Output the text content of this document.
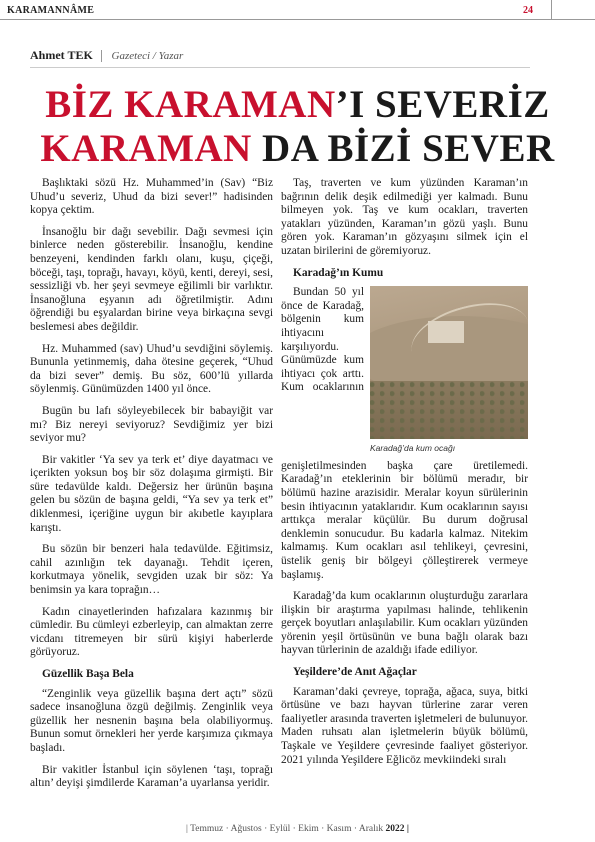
KARAMANNÂME	24
Ahmet TEK Gazeteci / Yazar
BİZ KARAMAN’I SEVERİZ
KARAMAN DA BİZİ SEVER

Başlıktaki sözü Hz. Muhammed’in (Sav) “Biz Uhud’u severiz, Uhud da bizi sever!” hadisinden kopya çektim.

İnsanoğlu bir dağı sevebilir. Dağı sevmesi için binlerce neden gösterebilir. İnsanoğlu, kendine benzeyeni, kendinden farklı olanı, kuşu, çiçeği, böceği, taşı, toprağı, havayı, köyü, kenti, dereyi, sesi, sessizliği vb. her şeyi sevmeye eğilimli bir varlıktır. İnsanoğluna eşyanın adı öğretilmiştir. Adını öğrendiği bu eşyalardan birine veya birkaçına sevgi beslemesi abes değildir.

Hz. Muhammed (sav) Uhud’u sevdiğini söylemiş. Bununla yetinmemiş, daha ötesine geçerek, “Uhud da bizi sever” demiş. Bu söz, 600’lü yıllarda söylenmiş. Günümüzden 1400 yıl önce.

Bugün bu lafı söyleyebilecek bir babayiğit var mı? Biz nereyi seviyoruz? Sevdiğimiz yer bizi seviyor mu?

Bir vakitler ‘Ya sev ya terk et’ diye dayatmacı ve içerikten yoksun boş bir söz dolaşıma girmişti. Bir süre tedavülde kaldı. Değersiz her ürünün başına gelen bu sözün de başına geldi, “Ya sev ya terk et” diklenmesi, içeriğine uygun bir akıbetle kayıplara karıştı.

Bu sözün bir benzeri hala tedavülde. Eğitimsiz, cahil azınlığın tek dayanağı. Tehdit içeren, korkutmaya yönelik, sevgiden uzak bir söz: Ya benimsin ya kara toprağın…

Kadın cinayetlerinden hafızalara kazınmış bir cümledir. Bu cümleyi ezberleyip, can almaktan zerre vicdanı titremeyen bir sürü kişiyi haberlerde görüyoruz.

Güzellik Başa Bela

“Zenginlik veya güzellik başına dert açtı” sözü sadece insanoğluna özgü değilmiş. Zenginlik veya güzellik her nesnenin başına bela olabiliyormuş. Bunun somut örnekleri her yerde karşımıza çıkmaya başladı.

Bir vakitler İstanbul için söylenen ‘taşı, toprağı altın’ deyişi şimdilerde Karaman’a uyarlansa yeridir.

Taş, traverten ve kum yüzünden Karaman’ın bağrının delik deşik edilmediği yer kalmadı. Bunu bilmeyen yok. Taş ve kum ocakları, traverten yatakları yüzünden, Karaman’ın gözü yaşlı. Bunu gören yok. Karaman’ın gözyaşını silmek için el uzatan birilerini de göremiyoruz.

Karadağ’ın Kumu
Karadağ’da kum ocağı

Bundan 50 yıl önce de Karadağ, bölgenin kum ihtiyacını karşılıyordu. Günümüzde kum ihtiyacı çok arttı. Kum ocaklarının genişletilmesinden başka çare üretilemedi. Karadağ’ın eteklerinin bir bölümü meradır, bir bölümü hazine arazisidir. Meralar koyun sürülerinin besin ihtiyacının yataklarıdır. Kum ocaklarının sayısı arttıkça meralar küçülür. Bu durum doğrusal denklemin sonucudur. Bu kadarla kalmaz. Nitekim kalmamış. Kum ocakları asıl tehlikeyi, çevresini, üstelik geniş bir bölgeyi çölleştirerek vermeye başlamış.

Karadağ’da kum ocaklarının oluşturduğu zararlara ilişkin bir araştırma yapılması halinde, tehlikenin gerçek boyutları anlaşılabilir. Kum ocakları yüzünden yörenin yeşil örtüsünün ve buna bağlı olarak bazı hayvan türlerinin de azaldığı ifade ediliyor.

Yeşildere’de Anıt Ağaçlar

Karaman’daki çevreye, toprağa, ağaca, suya, bitki örtüsüne ve bazı hayvan türlerine zarar veren faaliyetler arasında traverten işletmeleri de bulunuyor. Maden ruhsatı alan işletmelerin büyük bölümü, Taşkale ve Yeşildere çevresinde faaliyet gösteriyor. 2021 yılında Yeşildere Eğlicöz mevkiindeki sıralı

| Temmuz · Ağustos · Eylül · Ekim · Kasım · Aralık 2022 |
